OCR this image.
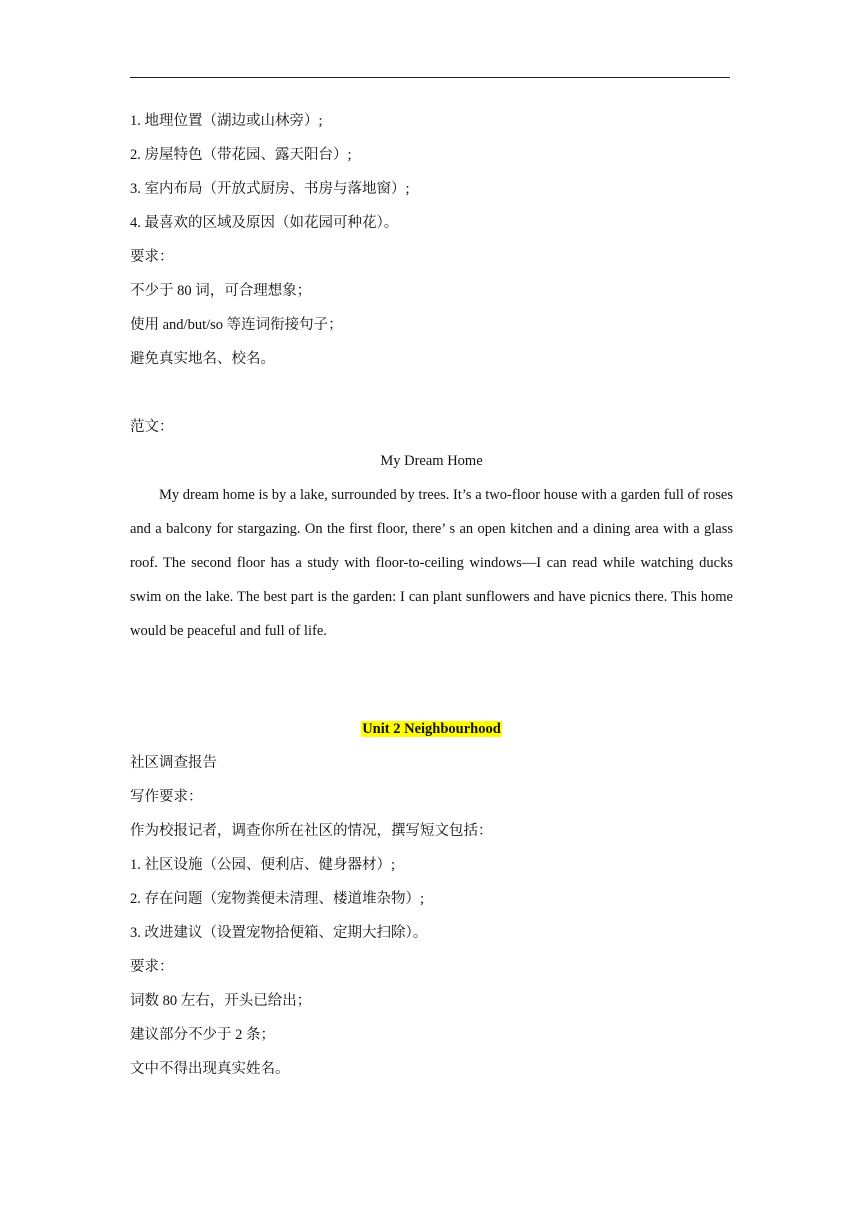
1. 地理位置（湖边或山林旁）;
2. 房屋特色（带花园、露天阳台）;
3. 室内布局（开放式厨房、书房与落地窗）;
4. 最喜欢的区域及原因（如花园可种花）。
要求：
不少于 80 词，可合理想象；
使用 and/but/so 等连词衔接句子；
避免真实地名、校名。
范文：
My Dream Home
My dream home is by a lake, surrounded by trees. It’s a two-floor house with a garden full of roses and a balcony for stargazing. On the first floor, there’ s an open kitchen and a dining area with a glass roof. The second floor has a study with floor-to-ceiling windows—I can read while watching ducks swim on the lake. The best part is the garden: I can plant sunflowers and have picnics there. This home would be peaceful and full of life.
Unit 2 Neighbourhood
社区调查报告
写作要求：
作为校报记者，调查你所在社区的情况，撰写短文包括：
1. 社区设施（公园、便利店、健身器材）;
2. 存在问题（宠物粪便未清理、楼道堆杂物）;
3. 改进建议（设置宠物拾便箱、定期大扫除）。
要求：
词数 80 左右，开头已给出；
建议部分不少于 2 条；
文中不得出现真实姓名。
